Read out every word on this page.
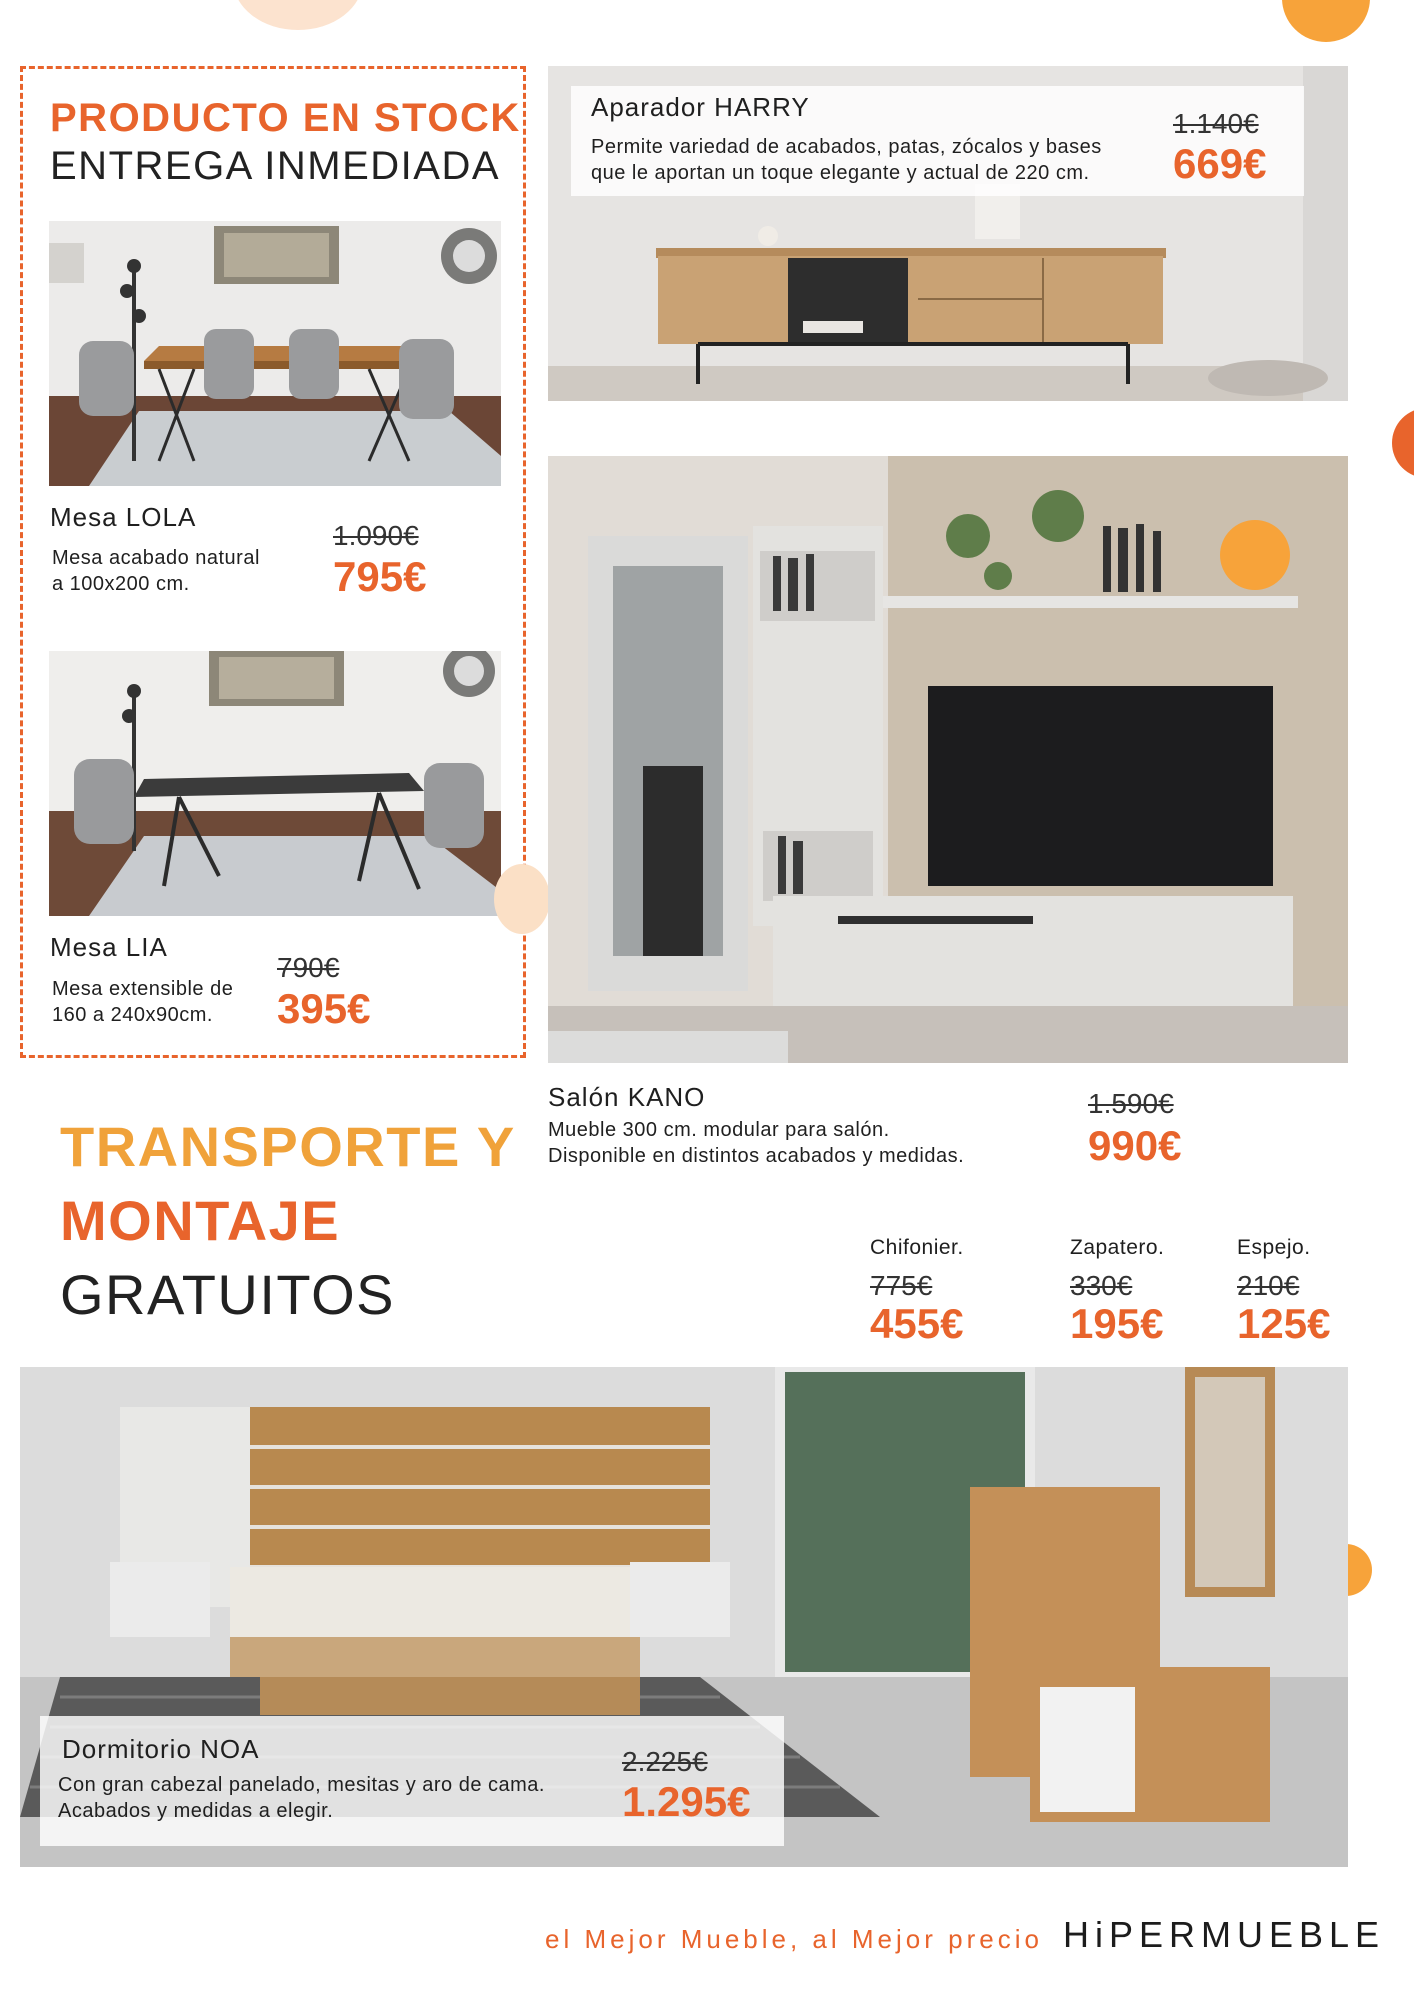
PRODUCTO EN STOCK
ENTREGA INMEDIADA
Mesa LOLA
Mesa acabado natural
a 100x200 cm.
1.090€
795€
Mesa LIA
Mesa extensible de
160 a 240x90cm.
790€
395€
Aparador HARRY
Permite variedad de acabados, patas, zócalos y bases
que le aportan un toque elegante y actual de 220 cm.
1.140€
669€
Salón KANO
Mueble 300 cm. modular para salón.
Disponible en distintos acabados y medidas.
1.590€
990€
TRANSPORTE Y
MONTAJE
GRATUITOS
Chifonier.
775€
455€
Zapatero.
330€
195€
Espejo.
210€
125€
Dormitorio NOA
Con gran cabezal panelado, mesitas y aro de cama.
Acabados y medidas a elegir.
2.225€
1.295€
el Mejor Mueble, al Mejor precio HiPERMUEBLE
